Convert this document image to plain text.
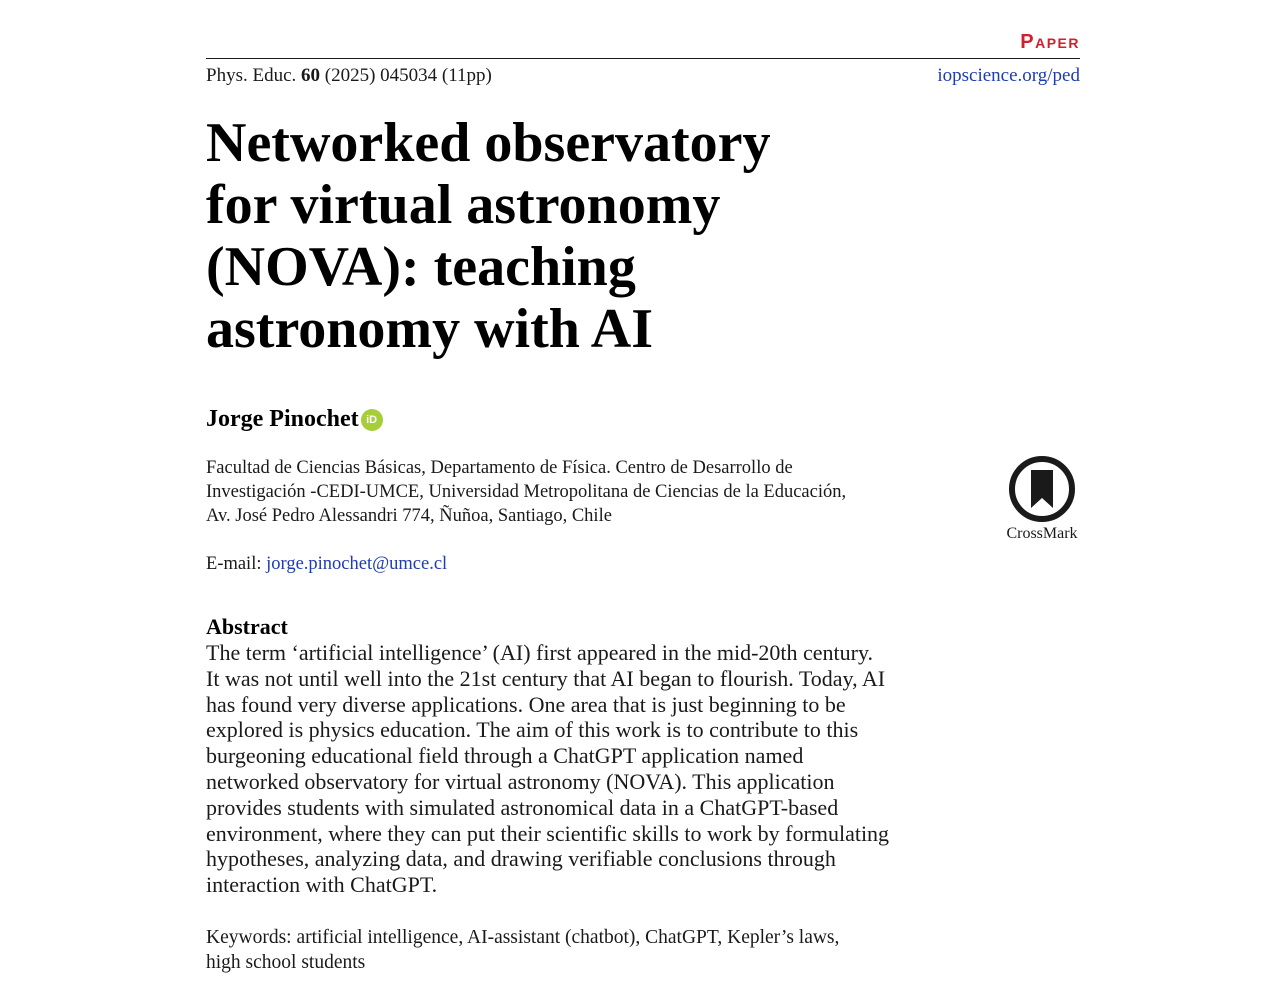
Paper
Phys. Educ. 60 (2025) 045034 (11pp)	iopscience.org/ped
Networked observatory
for virtual astronomy
(NOVA): teaching
astronomy with AI
Jorge Pinochet iD
Facultad de Ciencias Básicas, Departamento de Física. Centro de Desarrollo de
Investigación -CEDI-UMCE, Universidad Metropolitana de Ciencias de la Educación,
Av. José Pedro Alessandri 774, Ñuñoa, Santiago, Chile
E-mail: jorge.pinochet@umce.cl
CrossMark
Abstract
The term ‘artificial intelligence’ (AI) first appeared in the mid-20th century.
It was not until well into the 21st century that AI began to flourish. Today, AI
has found very diverse applications. One area that is just beginning to be
explored is physics education. The aim of this work is to contribute to this
burgeoning educational field through a ChatGPT application named
networked observatory for virtual astronomy (NOVA). This application
provides students with simulated astronomical data in a ChatGPT-based
environment, where they can put their scientific skills to work by formulating
hypotheses, analyzing data, and drawing verifiable conclusions through
interaction with ChatGPT.
Keywords: artificial intelligence, AI-assistant (chatbot), ChatGPT, Kepler’s laws,
high school students
